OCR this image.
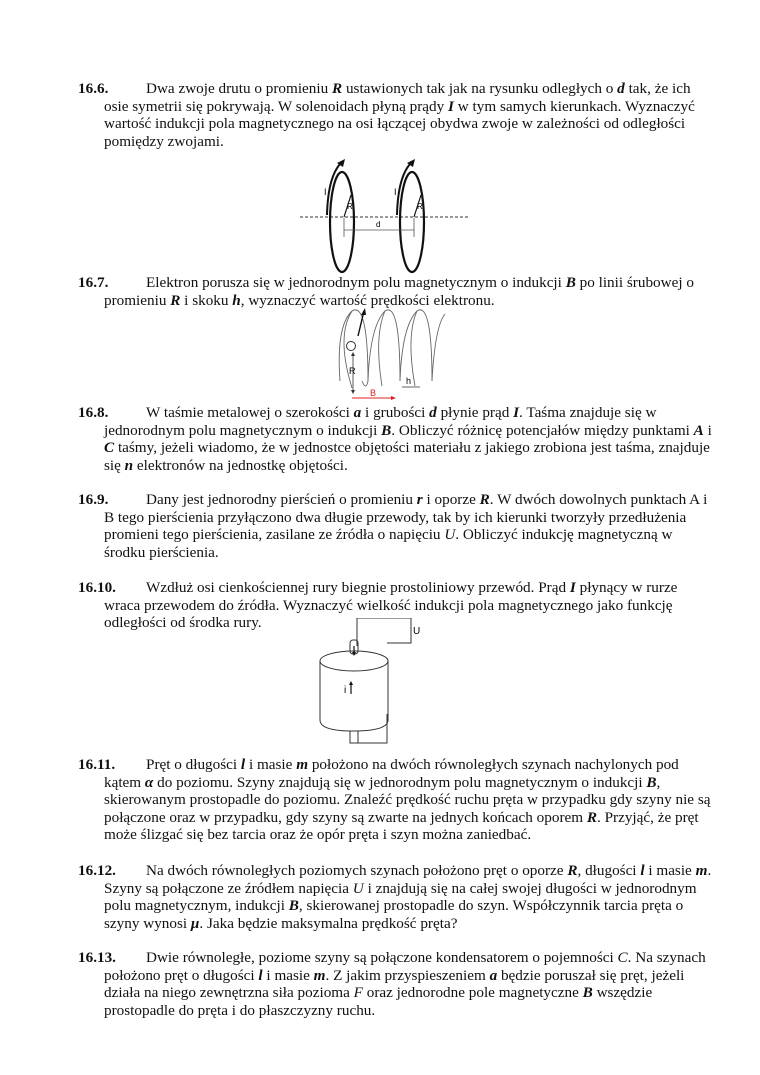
16.6.	Dwa zwoje drutu o promieniu R ustawionych tak jak na rysunku odległych o d tak, że ich osie symetrii się pokrywają. W solenoidach płyną prądy I w tym samych kierunkach. Wyznaczyć wartość indukcji pola magnetycznego na osi łączącej obydwa zwoje w zależności od odległości pomiędzy zwojami.
I	I
R	R
d
16.7.	Elektron porusza się w jednorodnym polu magnetycznym o indukcji B po linii śrubowej o promieniu R i skoku h, wyznaczyć wartość prędkości elektronu.
R
h
B
16.8.	W taśmie metalowej o szerokości a i grubości d płynie prąd I. Taśma znajduje się w jednorodnym polu magnetycznym o indukcji B. Obliczyć różnicę potencjałów między punktami A i C taśmy, jeżeli wiadomo, że w jednostce objętości materiału z jakiego zrobiona jest taśma, znajduje się n elektronów na jednostkę objętości.
16.9.	Dany jest jednorodny pierścień o promieniu r i oporze R. W dwóch dowolnych punktach A i B tego pierścienia przyłączono dwa długie przewody, tak by ich kierunki tworzyły przedłużenia promieni tego pierścienia, zasilane ze źródła o napięciu U. Obliczyć indukcję magnetyczną w środku pierścienia.
16.10.	Wzdłuż osi cienkościennej rury biegnie prostoliniowy przewód. Prąd I płynący w rurze wraca przewodem do źródła. Wyznaczyć wielkość indukcji pola magnetycznego jako funkcję odległości od środka rury.
U
i
16.11.	Pręt o długości l i masie m położono na dwóch równoległych szynach nachylonych pod kątem α do poziomu. Szyny znajdują się w jednorodnym polu magnetycznym o indukcji B, skierowanym prostopadle do poziomu. Znaleźć prędkość ruchu pręta w przypadku gdy szyny nie są połączone oraz w przypadku, gdy szyny są zwarte na jednych końcach oporem R. Przyjąć, że pręt może ślizgać się bez tarcia oraz że opór pręta i szyn można zaniedbać.
16.12.	Na dwóch równoległych poziomych szynach położono pręt o oporze R, długości l i masie m. Szyny są połączone ze źródłem napięcia U i znajdują się na całej swojej długości w jednorodnym polu magnetycznym, indukcji B, skierowanej prostopadle do szyn. Współczynnik tarcia pręta o szyny wynosi μ. Jaka będzie maksymalna prędkość pręta?
16.13.	Dwie równoległe, poziome szyny są połączone kondensatorem o pojemności C. Na szynach położono pręt o długości l i masie m. Z jakim przyspieszeniem a będzie poruszał się pręt, jeżeli działa na niego zewnętrzna siła pozioma F oraz jednorodne pole magnetyczne B wszędzie prostopadle do pręta i do płaszczyzny ruchu.
